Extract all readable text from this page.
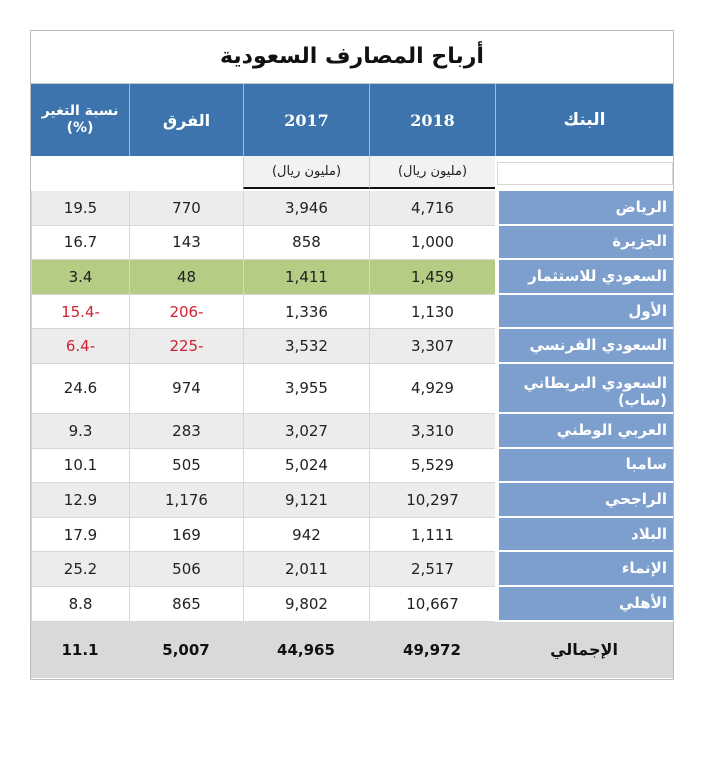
أرباح المصارف السعودية
البنك
2018
2017
الفرق
نسبة التغير
(%)
(مليون ريال)
(مليون ريال)
الرياض
4,716
3,946
770
19.5
الجزيرة
1,000
858
143
16.7
السعودي للاستثمار
1,459
1,411
48
3.4
الأول
1,130
1,336
206-
15.4-
السعودي الفرنسي
3,307
3,532
225-
6.4-
السعودي البريطاني (ساب)
4,929
3,955
974
24.6
العربي الوطني
3,310
3,027
283
9.3
سامبا
5,529
5,024
505
10.1
الراجحي
10,297
9,121
1,176
12.9
البلاد
1,111
942
169
17.9
الإنماء
2,517
2,011
506
25.2
الأهلي
10,667
9,802
865
8.8
الإجمالي
49,972
44,965
5,007
11.1
